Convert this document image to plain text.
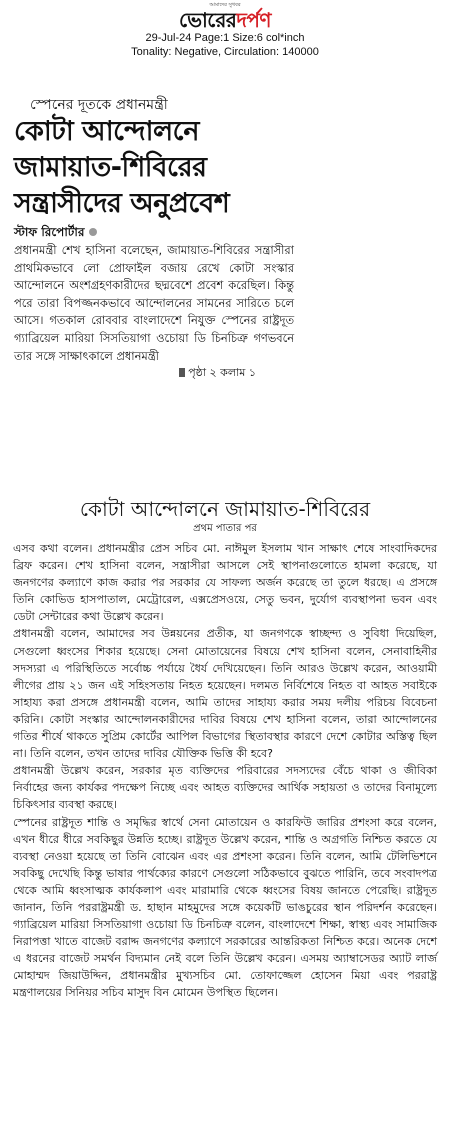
আমাদের সুখবর
ভোরেরদর্পণ
29-Jul-24 Page:1 Size:6 col*inch
Tonality: Negative, Circulation: 140000
স্পেনের দূতকে প্রধানমন্ত্রী
কোটা আন্দোলনে
জামায়াত-শিবিরের
সন্ত্রাসীদের অনুপ্রবেশ
স্টাফ রিপোর্টার
প্রধানমন্ত্রী শেখ হাসিনা বলেছেন, জামায়াত-শিবিরের সন্ত্রাসীরা প্রাথমিকভাবে লো প্রোফাইল বজায় রেখে কোটা সংস্কার আন্দোলনে অংশগ্রহণকারীদের ছদ্মবেশে প্রবেশ করেছিল। কিন্তু পরে তারা বিপজ্জনকভাবে আন্দোলনের সামনের সারিতে চলে আসে। গতকাল রোববার বাংলাদেশে নিযুক্ত স্পেনের রাষ্ট্রদূত গ্যাব্রিয়েল মারিয়া সিসতিয়াগা ওচোয়া ডি চিনচিত্রু গণভবনে তার সঙ্গে সাক্ষাৎকালে প্রধানমন্ত্রী
পৃষ্ঠা ২ কলাম ১
কোটা আন্দোলনে জামায়াত-শিবিরের
প্রথম পাতার পর

এসব কথা বলেন। প্রধানমন্ত্রীর প্রেস সচিব মো. নাঈমুল ইসলাম খান সাক্ষাৎ শেষে সাংবাদিকদের ব্রিফ করেন। শেখ হাসিনা বলেন, সন্ত্রাসীরা আসলে সেই স্থাপনাগুলোতে হামলা করেছে, যা জনগণের কল্যাণে কাজ করার পর সরকার যে সাফল্য অর্জন করেছে তা তুলে ধরছে। এ প্রসঙ্গে তিনি কোভিড হাসপাতাল, মেট্রোরেল, এক্সপ্রেসওয়ে, সেতু ভবন, দুর্যোগ ব্যবস্থাপনা ভবন এবং ডেটা সেন্টারের কথা উল্লেখ করেন।

প্রধানমন্ত্রী বলেন, আমাদের সব উন্নয়নের প্রতীক, যা জনগণকে স্বাচ্ছন্দ্য ও সুবিধা দিয়েছিল, সেগুলো ধ্বংসের শিকার হয়েছে। সেনা মোতায়েনের বিষয়ে শেখ হাসিনা বলেন, সেনাবাহিনীর সদস্যরা এ পরিস্থিতিতে সর্বোচ্চ পর্যায়ে ধৈর্য দেখিয়েছেন। তিনি আরও উল্লেখ করেন, আওয়ামী লীগের প্রায় ২১ জন এই সহিংসতায় নিহত হয়েছেন। দলমত নির্বিশেষে নিহত বা আহত সবাইকে সাহায্য করা প্রসঙ্গে প্রধানমন্ত্রী বলেন, আমি তাদের সাহায্য করার সময় দলীয় পরিচয় বিবেচনা করিনি। কোটা সংস্কার আন্দোলনকারীদের দাবির বিষয়ে শেখ হাসিনা বলেন, তারা আন্দোলনের গতির শীর্ষে থাকতে সুপ্রিম কোর্টের আপিল বিভাগের স্থিতাবস্থার কারণে দেশে কোটার অস্তিত্ব ছিল না। তিনি বলেন, তখন তাদের দাবির যৌক্তিক ভিত্তি কী হবে?

প্রধানমন্ত্রী উল্লেখ করেন, সরকার মৃত ব্যক্তিদের পরিবারের সদস্যদের বেঁচে থাকা ও জীবিকা নির্বাহের জন্য কার্যকর পদক্ষেপ নিচ্ছে এবং আহত ব্যক্তিদের আর্থিক সহায়তা ও তাদের বিনামূল্যে চিকিৎসার ব্যবস্থা করছে।

স্পেনের রাষ্ট্রদূত শান্তি ও সমৃদ্ধির স্বার্থে সেনা মোতায়েন ও কারফিউ জারির প্রশংসা করে বলেন, এখন ধীরে ধীরে সবকিছুর উন্নতি হচ্ছে। রাষ্ট্রদূত উল্লেখ করেন, শান্তি ও অগ্রগতি নিশ্চিত করতে যে ব্যবস্থা নেওয়া হয়েছে তা তিনি বোঝেন এবং এর প্রশংসা করেন। তিনি বলেন, আমি টেলিভিশনে সবকিছু দেখেছি কিন্তু ভাষার পার্থক্যের কারণে সেগুলো সঠিকভাবে বুঝতে পারিনি, তবে সংবাদপত্র থেকে আমি ধ্বংসাত্মক কার্যকলাপ এবং মারামারি থেকে ধ্বংসের বিষয় জানতে পেরেছি। রাষ্ট্রদূত জানান, তিনি পররাষ্ট্রমন্ত্রী ড. হাছান মাহমুদের সঙ্গে কয়েকটি ভাঙচুরের স্থান পরিদর্শন করেছেন। গ্যাব্রিয়েল মারিয়া সিসতিয়াগা ওচোয়া ডি চিনচিত্রু বলেন, বাংলাদেশে শিক্ষা, স্বাস্থ্য এবং সামাজিক নিরাপত্তা খাতে বাজেট বরাদ্দ জনগণের কল্যাণে সরকারের আন্তরিকতা নিশ্চিত করে। অনেক দেশে এ ধরনের বাজেট সমর্থন বিদ্যমান নেই বলে তিনি উল্লেখ করেন। এসময় অ্যাম্বাসেডর অ্যাট লার্জ মোহাম্মদ জিয়াউদ্দিন, প্রধানমন্ত্রীর মুখ্যসচিব মো. তোফাজ্জেল হোসেন মিয়া এবং পররাষ্ট্র মন্ত্রণালয়ের সিনিয়র সচিব মাসুদ বিন মোমেন উপস্থিত ছিলেন।
